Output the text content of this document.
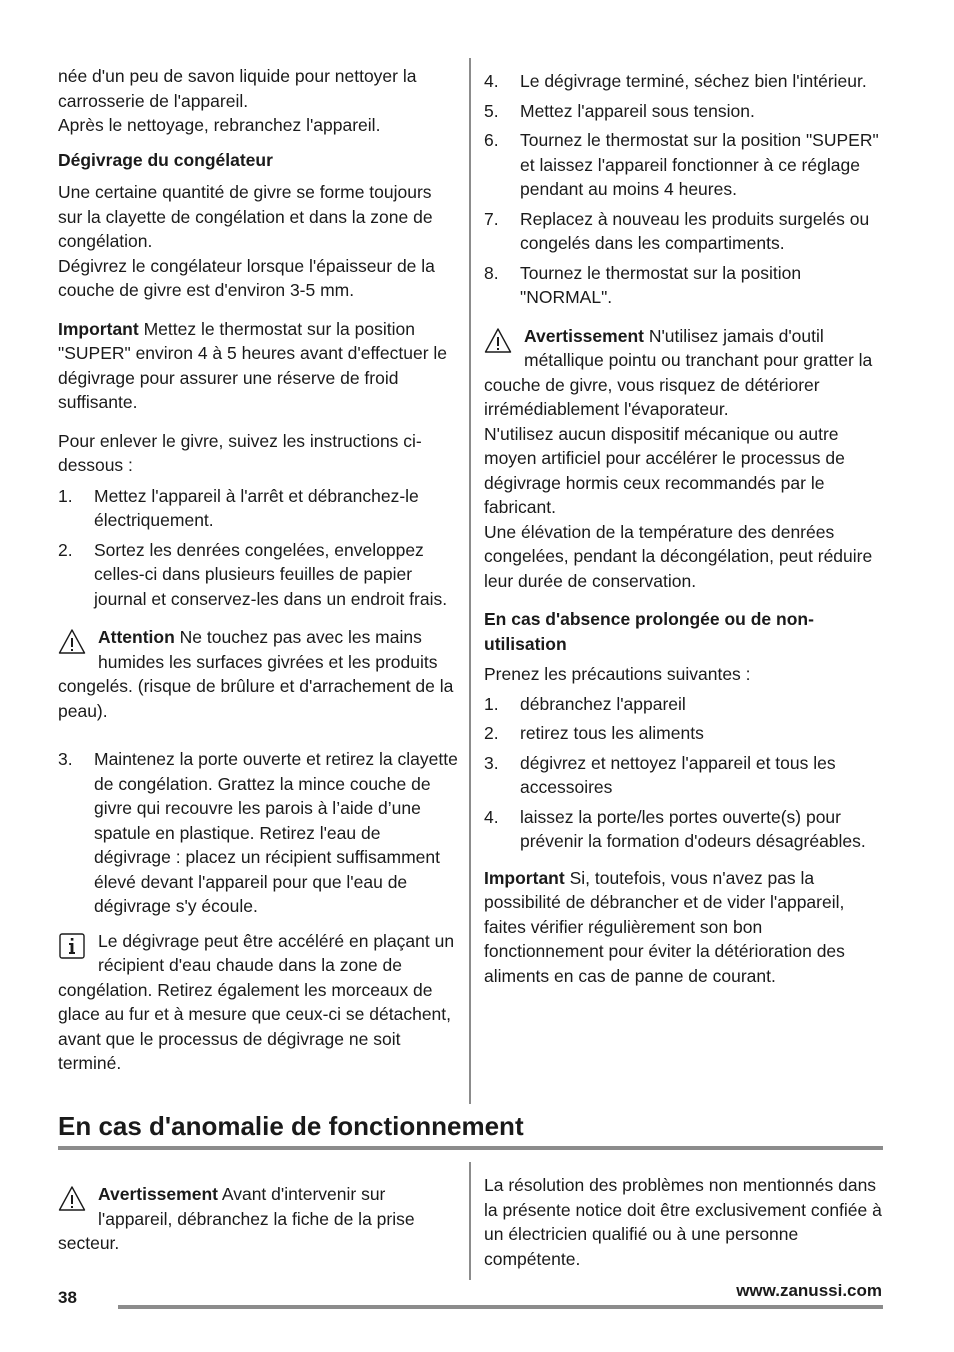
née d'un peu de savon liquide pour nettoyer la carrosserie de l'appareil.

Après le nettoyage, rebranchez l'appareil.

Dégivrage du congélateur

Une certaine quantité de givre se forme toujours sur la clayette de congélation et dans la zone de congélation.

Dégivrez le congélateur lorsque l'épaisseur de la couche de givre est d'environ 3-5 mm.

Important Mettez le thermostat sur la position "SUPER" environ 4 à 5 heures avant d'effectuer le dégivrage pour assurer une réserve de froid suffisante.

Pour enlever le givre, suivez les instructions ci-dessous :

1. Mettez l'appareil à l'arrêt et débranchez-le électriquement.
2. Sortez les denrées congelées, enveloppez celles-ci dans plusieurs feuilles de papier journal et conservez-les dans un endroit frais.

Attention Ne touchez pas avec les mains humides les surfaces givrées et les produits congelés. (risque de brûlure et d'arrachement de la peau).

3. Maintenez la porte ouverte et retirez la clayette de congélation. Grattez la mince couche de givre qui recouvre les parois à l’aide d’une spatule en plastique. Retirez l'eau de dégivrage : placez un récipient suffisamment élevé devant l'appareil pour que l'eau de dégivrage s'y écoule.

Le dégivrage peut être accéléré en plaçant un récipient d'eau chaude dans la zone de congélation. Retirez également les morceaux de glace au fur et à mesure que ceux-ci se détachent, avant que le processus de dégivrage ne soit terminé.

4. Le dégivrage terminé, séchez bien l'intérieur.
5. Mettez l'appareil sous tension.
6. Tournez le thermostat sur la position "SUPER" et laissez l'appareil fonctionner à ce réglage pendant au moins 4 heures.
7. Replacez à nouveau les produits surgelés ou congelés dans les compartiments.
8. Tournez le thermostat sur la position "NORMAL".

Avertissement N'utilisez jamais d'outil métallique pointu ou tranchant pour gratter la couche de givre, vous risquez de détériorer irrémédiablement l'évaporateur.

N'utilisez aucun dispositif mécanique ou autre moyen artificiel pour accélérer le processus de dégivrage hormis ceux recommandés par le fabricant.

Une élévation de la température des denrées congelées, pendant la décongélation, peut réduire leur durée de conservation.

En cas d'absence prolongée ou de non-utilisation

Prenez les précautions suivantes :

1. débranchez l'appareil
2. retirez tous les aliments
3. dégivrez et nettoyez l'appareil et tous les accessoires
4. laissez la porte/les portes ouverte(s) pour prévenir la formation d'odeurs désagréables.

Important Si, toutefois, vous n'avez pas la possibilité de débrancher et de vider l'appareil, faites vérifier régulièrement son bon fonctionnement pour éviter la détérioration des aliments en cas de panne de courant.

En cas d'anomalie de fonctionnement

Avertissement Avant d'intervenir sur l'appareil, débranchez la fiche de la prise secteur.

La résolution des problèmes non mentionnés dans la présente notice doit être exclusivement confiée à un électricien qualifié ou à une personne compétente.

38	www.zanussi.com
